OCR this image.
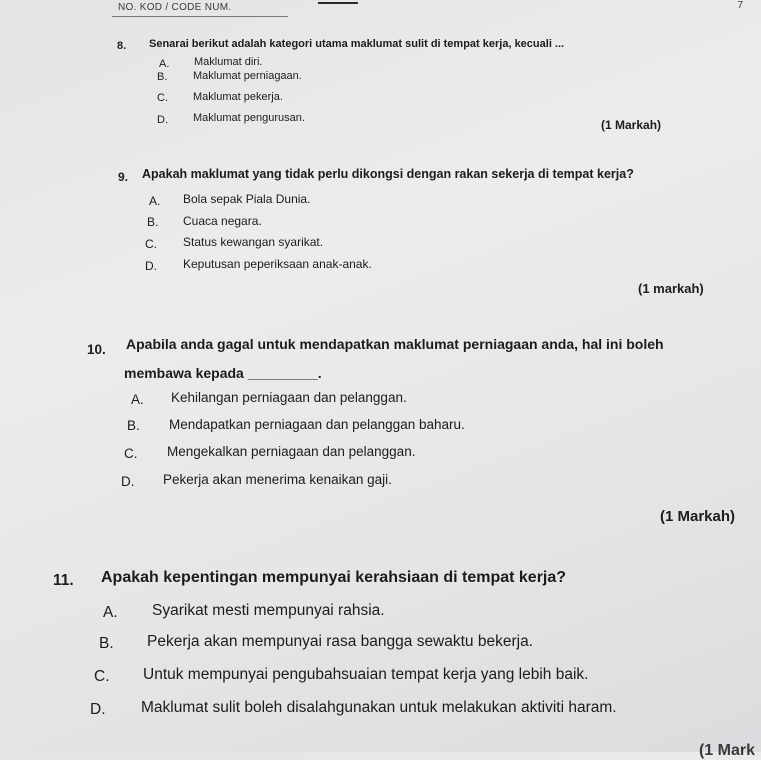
NO. KOD / CODE NUM.	7
8. Senarai berikut adalah kategori utama maklumat sulit di tempat kerja, kecuali ...
A. Maklumat diri.
B. Maklumat perniagaan.
C. Maklumat pekerja.
D. Maklumat pengurusan.	(1 Markah)
9. Apakah maklumat yang tidak perlu dikongsi dengan rakan sekerja di tempat kerja?
A. Bola sepak Piala Dunia.
B. Cuaca negara.
C. Status kewangan syarikat.
D. Keputusan peperiksaan anak-anak.
(1 markah)
10. Apabila anda gagal untuk mendapatkan maklumat perniagaan anda, hal ini boleh
membawa kepada _________.
A. Kehilangan perniagaan dan pelanggan.
B. Mendapatkan perniagaan dan pelanggan baharu.
C. Mengekalkan perniagaan dan pelanggan.
D. Pekerja akan menerima kenaikan gaji.
(1 Markah)
11. Apakah kepentingan mempunyai kerahsiaan di tempat kerja?
A. Syarikat mesti mempunyai rahsia.
B. Pekerja akan mempunyai rasa bangga sewaktu bekerja.
C. Untuk mempunyai pengubahsuaian tempat kerja yang lebih baik.
D. Maklumat sulit boleh disalahgunakan untuk melakukan aktiviti haram.
(1 Mark
